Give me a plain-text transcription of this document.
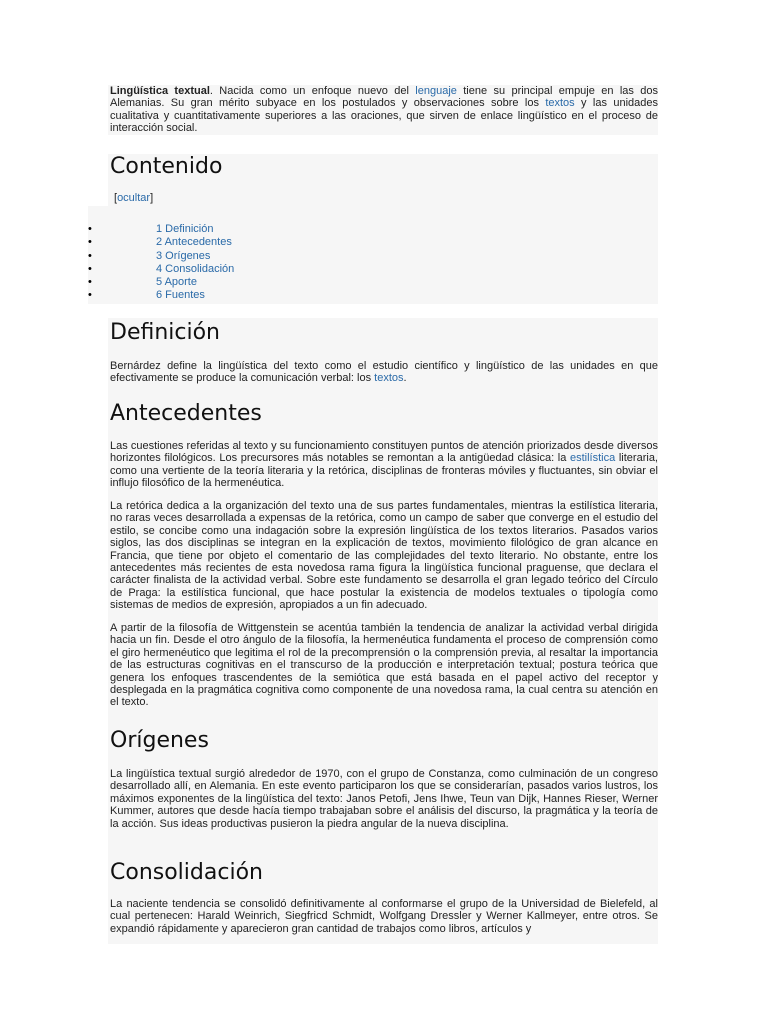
Lingüística textual. Nacida como un enfoque nuevo del lenguaje tiene su principal empuje en las dos Alemanias. Su gran mérito subyace en los postulados y observaciones sobre los textos y las unidades cualitativa y cuantitativamente superiores a las oraciones, que sirven de enlace lingüístico en el proceso de interacción social.

Contenido

[ocultar]

•	1 Definición
•	2 Antecedentes
•	3 Orígenes
•	4 Consolidación
•	5 Aporte
•	6 Fuentes
Definición

Bernárdez define la lingüística del texto como el estudio científico y lingüístico de las unidades en que efectivamente se produce la comunicación verbal: los textos.

Antecedentes

Las cuestiones referidas al texto y su funcionamiento constituyen puntos de atención priorizados desde diversos horizontes filológicos. Los precursores más notables se remontan a la antigüedad clásica: la estilística literaria, como una vertiente de la teoría literaria y la retórica, disciplinas de fronteras móviles y fluctuantes, sin obviar el influjo filosófico de la hermenéutica.

La retórica dedica a la organización del texto una de sus partes fundamentales, mientras la estilística literaria, no raras veces desarrollada a expensas de la retórica, como un campo de saber que converge en el estudio del estilo, se concibe como una indagación sobre la expresión lingüística de los textos literarios. Pasados varios siglos, las dos disciplinas se integran en la explicación de textos, movimiento filológico de gran alcance en Francia, que tiene por objeto el comentario de las complejidades del texto literario. No obstante, entre los antecedentes más recientes de esta novedosa rama figura la lingüística funcional praguense, que declara el carácter finalista de la actividad verbal. Sobre este fundamento se desarrolla el gran legado teórico del Círculo de Praga: la estilística funcional, que hace postular la existencia de modelos textuales o tipología como sistemas de medios de expresión, apropiados a un fin adecuado.

A partir de la filosofía de Wittgenstein se acentúa también la tendencia de analizar la actividad verbal dirigida hacia un fin. Desde el otro ángulo de la filosofía, la hermenéutica fundamenta el proceso de comprensión como el giro hermenéutico que legitima el rol de la precomprensión o la comprensión previa, al resaltar la importancia de las estructuras cognitivas en el transcurso de la producción e interpretación textual; postura teórica que genera los enfoques trascendentes de la semiótica que está basada en el papel activo del receptor y desplegada en la pragmática cognitiva como componente de una novedosa rama, la cual centra su atención en el texto.

Orígenes

La lingüística textual surgió alrededor de 1970, con el grupo de Constanza, como culminación de un congreso desarrollado allí, en Alemania. En este evento participaron los que se considerarían, pasados varios lustros, los máximos exponentes de la lingüística del texto: Janos Petofi, Jens Ihwe, Teun van Dijk, Hannes Rieser, Werner Kummer, autores que desde hacía tiempo trabajaban sobre el análisis del discurso, la pragmática y la teoría de la acción. Sus ideas productivas pusieron la piedra angular de la nueva disciplina.

Consolidación

La naciente tendencia se consolidó definitivamente al conformarse el grupo de la Universidad de Bielefeld, al cual pertenecen: Harald Weinrich, Siegfricd Schmidt, Wolfgang Dressler y Werner Kallmeyer, entre otros. Se expandió rápidamente y aparecieron gran cantidad de trabajos como libros, artículos y
